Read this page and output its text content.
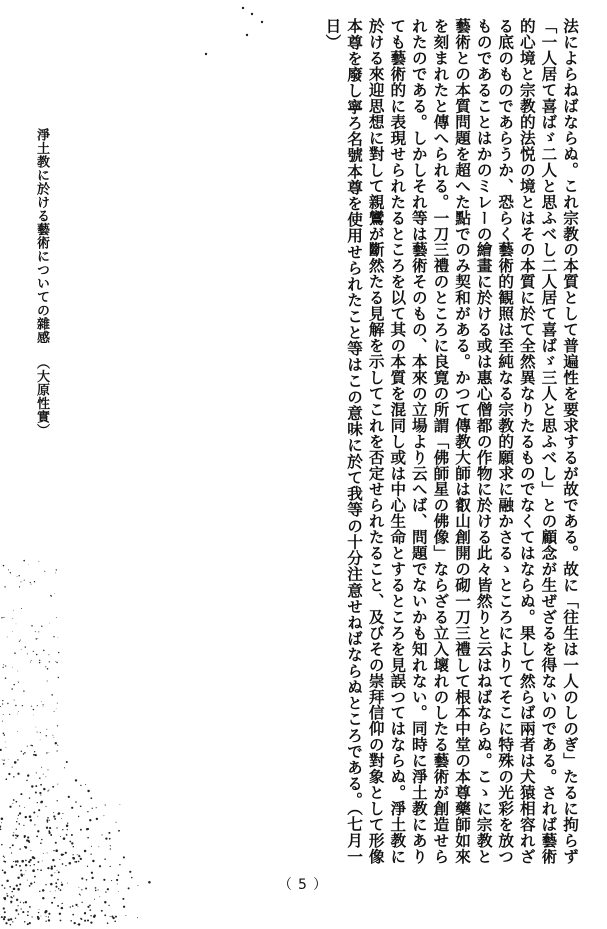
法によらねばならぬ。これ宗教の本質として普遍性を要求するが故である。故に「往生は一人のしのぎ」たるに拘らず「一人居て喜ばゞ二人と思ふべし二人居て喜ばゞ三人と思ふべし」との顧念が生ぜざるを得ないのである。されば藝術的心境と宗教的法悦の境とはその本質に於て全然異なりたるものでなくてはならぬ。果して然らば兩者は犬猿相容れざる底のものであらうか、恐らく藝術的観照は至純なる宗教的願求に融かさるゝところによりてそこに特殊の光彩を放つものであることはかのミレーの繪畫に於ける或は惠心僧都の作物に於ける此々皆然りと云はねばならぬ。こゝに宗教と藝術との本質問題を超へた點でのみ契和がある。かつて傳教大師は叡山創開の砌一刀三禮して根本中堂の本尊藥師如來を刻まれたと傳へられる。一刀三禮のところに良寛の所謂「佛師星の佛像」ならざる立入壞れのしたる藝術が創造せられたのである。しかしそれ等は藝術そのもの、本來の立場より云へば、問題でないかも知れない。同時に淨土教にありても藝術的に表現せられたるところを以て其の本質を混同し或は中心生命とするところを見誤つてはならぬ。淨土教に於ける來迎思想に對して親鸞が斷然たる見解を示してこれを否定せられたること、及びその崇拜信仰の對象として形像本尊を廢し寧ろ名號本尊を使用せられたこと等はこの意味に於て我等の十分注意せねばならぬところである。（七月一日）

淨土教に於ける藝術についての雜感（大原性實）
（ 5 ）
